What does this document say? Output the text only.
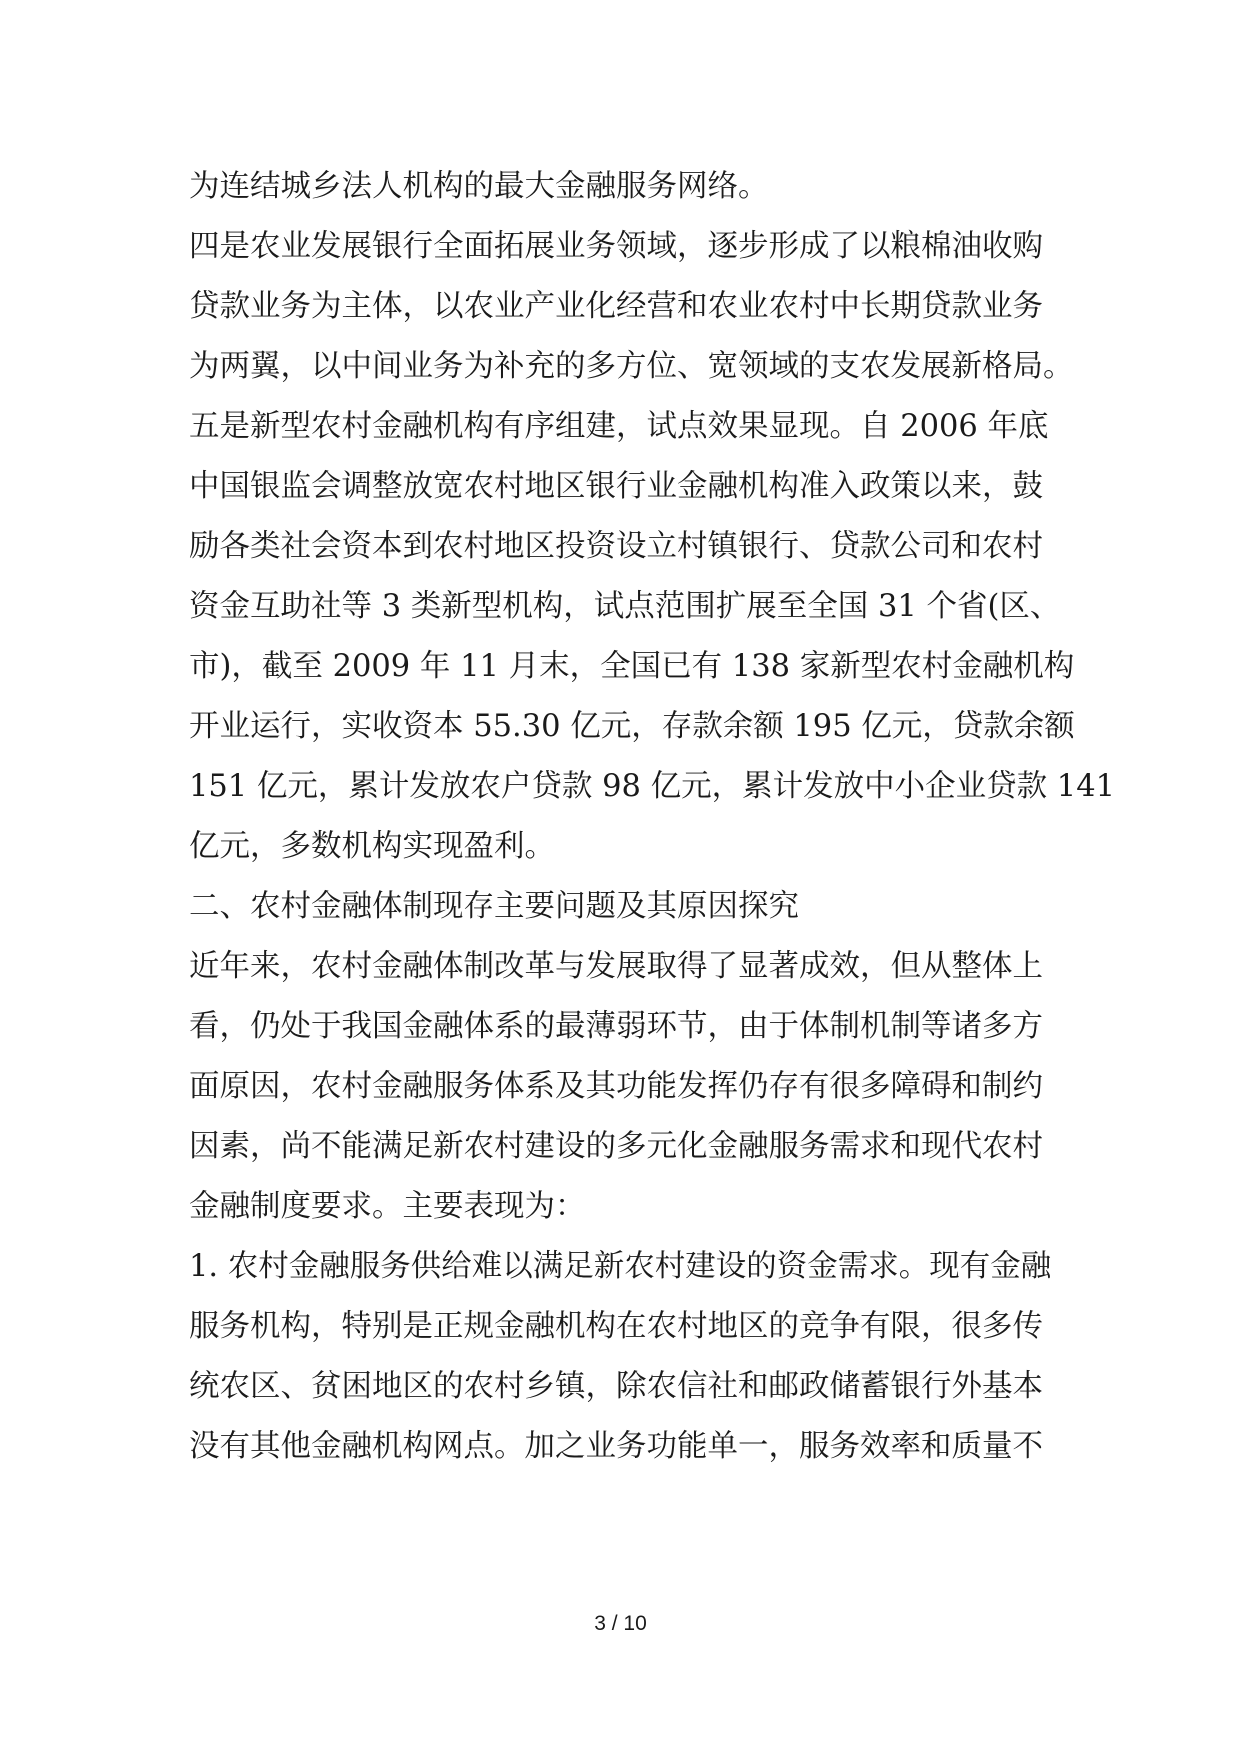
为连结城乡法人机构的最大金融服务网络。
四是农业发展银行全面拓展业务领域，逐步形成了以粮棉油收购
贷款业务为主体，以农业产业化经营和农业农村中长期贷款业务
为两翼，以中间业务为补充的多方位、宽领域的支农发展新格局。
五是新型农村金融机构有序组建，试点效果显现。自 2006 年底
中国银监会调整放宽农村地区银行业金融机构准入政策以来，鼓
励各类社会资本到农村地区投资设立村镇银行、贷款公司和农村
资金互助社等 3 类新型机构，试点范围扩展至全国 31 个省(区、
市)，截至 2009 年 11 月末，全国已有 138 家新型农村金融机构
开业运行，实收资本 55.30 亿元，存款余额 195 亿元，贷款余额
151 亿元，累计发放农户贷款 98 亿元，累计发放中小企业贷款 141
亿元，多数机构实现盈利。
二、农村金融体制现存主要问题及其原因探究
近年来，农村金融体制改革与发展取得了显著成效，但从整体上
看，仍处于我国金融体系的最薄弱环节，由于体制机制等诸多方
面原因，农村金融服务体系及其功能发挥仍存有很多障碍和制约
因素，尚不能满足新农村建设的多元化金融服务需求和现代农村
金融制度要求。主要表现为：
1. 农村金融服务供给难以满足新农村建设的资金需求。现有金融
服务机构，特别是正规金融机构在农村地区的竞争有限，很多传
统农区、贫困地区的农村乡镇，除农信社和邮政储蓄银行外基本
没有其他金融机构网点。加之业务功能单一，服务效率和质量不
3 / 10
